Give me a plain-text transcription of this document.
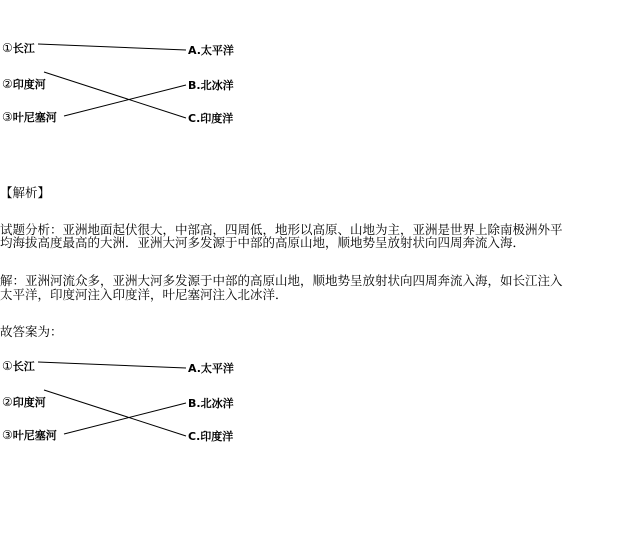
①长江
②印度河
③叶尼塞河
A.太平洋
B.北冰洋
C.印度洋
【解析】
试题分析：亚洲地面起伏很大，中部高，四周低，地形以高原、山地为主，亚洲是世界上除南极洲外平
均海拔高度最高的大洲．亚洲大河多发源于中部的高原山地，顺地势呈放射状向四周奔流入海．
解：亚洲河流众多，亚洲大河多发源于中部的高原山地，顺地势呈放射状向四周奔流入海，如长江注入
太平洋，印度河注入印度洋，叶尼塞河注入北冰洋．
故答案为：
①长江
②印度河
③叶尼塞河
A.太平洋
B.北冰洋
C.印度洋
